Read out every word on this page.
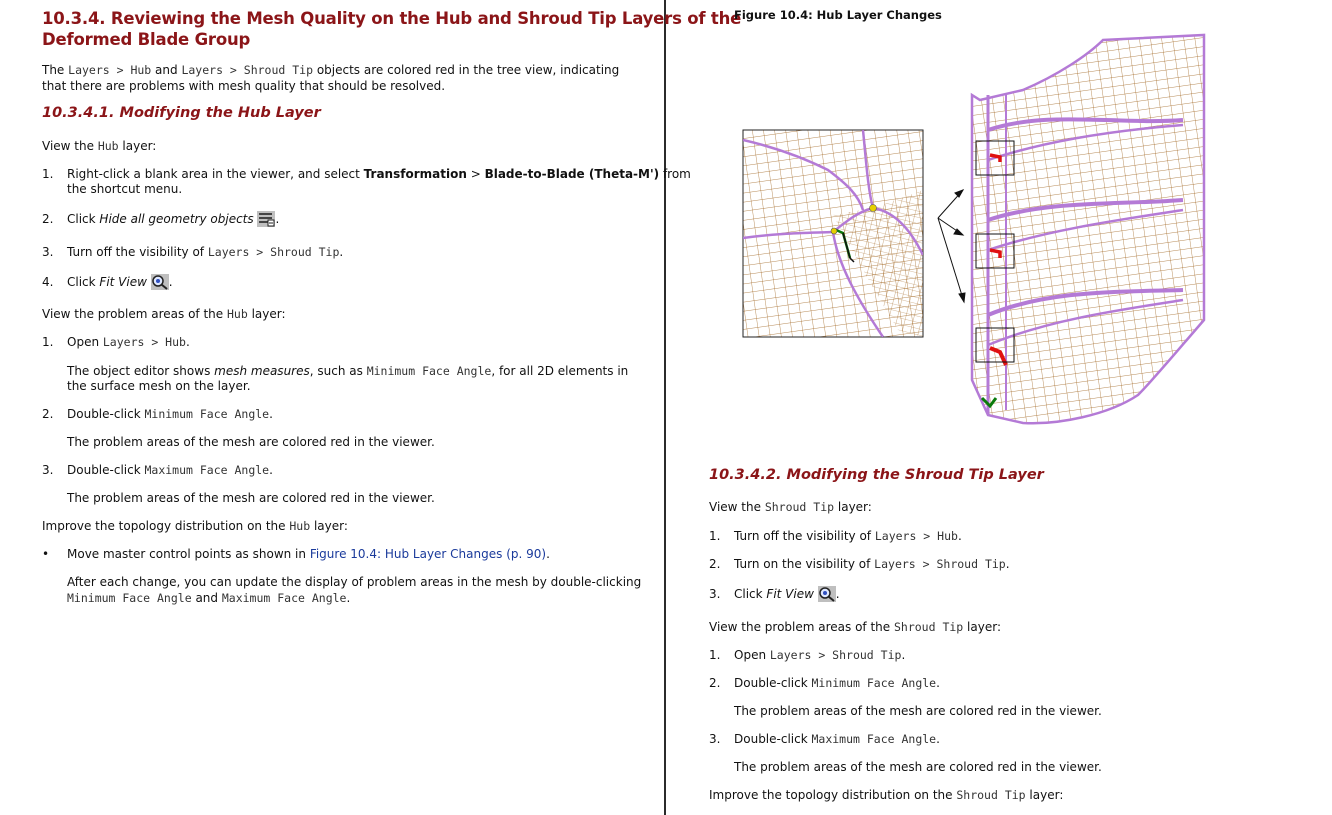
10.3.4. Reviewing the Mesh Quality on the Hub and Shroud Tip Layers of the
Deformed Blade Group

The Layers > Hub and Layers > Shroud Tip objects are colored red in the tree view, indicating

that there are problems with mesh quality that should be resolved.

10.3.4.1. Modifying the Hub Layer

View the Hub layer:

1. Right-click a blank area in the viewer, and select Transformation > Blade-to-Blade (Theta-M') from

the shortcut menu.

2. Click Hide all geometry objects .

3. Turn off the visibility of Layers > Shroud Tip.

4. Click Fit View .

View the problem areas of the Hub layer:

1. Open Layers > Hub.

The object editor shows mesh measures, such as Minimum Face Angle, for all 2D elements in

the surface mesh on the layer.

2. Double-click Minimum Face Angle.

The problem areas of the mesh are colored red in the viewer.

3. Double-click Maximum Face Angle.

The problem areas of the mesh are colored red in the viewer.

Improve the topology distribution on the Hub layer:

• Move master control points as shown in Figure 10.4: Hub Layer Changes (p. 90).

After each change, you can update the display of problem areas in the mesh by double-clicking

Minimum Face Angle and Maximum Face Angle.

Figure 10.4: Hub Layer Changes
10.3.4.2. Modifying the Shroud Tip Layer

View the Shroud Tip layer:

1. Turn off the visibility of Layers > Hub.

2. Turn on the visibility of Layers > Shroud Tip.

3. Click Fit View .

View the problem areas of the Shroud Tip layer:

1. Open Layers > Shroud Tip.

2. Double-click Minimum Face Angle.

The problem areas of the mesh are colored red in the viewer.

3. Double-click Maximum Face Angle.

The problem areas of the mesh are colored red in the viewer.

Improve the topology distribution on the Shroud Tip layer:
